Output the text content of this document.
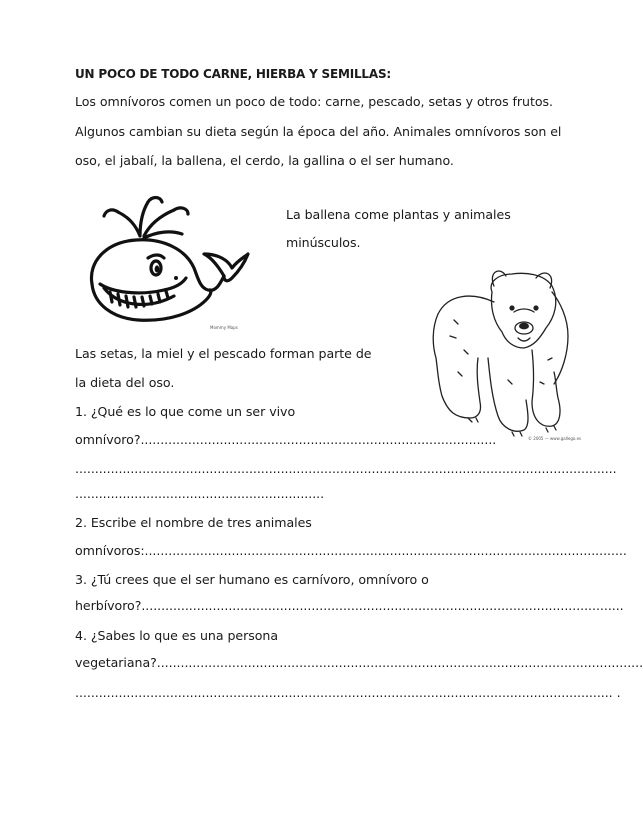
UN POCO DE TODO CARNE, HIERBA Y SEMILLAS:
Los omnívoros comen un poco de todo: carne, pescado, setas y otros frutos.
Algunos cambian su dieta según la época del año. Animales omnívoros son el
oso, el jabalí, la ballena, el cerdo, la gallina o el ser humano.
La ballena come plantas y animales
minúsculos.
Mommy Maps
© 2005 — www.gallego.es
Las setas, la miel y el pescado forman parte de
la dieta del oso.
1. ¿Qué es lo que come un ser vivo
omnívoro?..........................................................................................
.........................................................................................................................................
...............................................................
2. Escribe el nombre de tres animales
omnívoros:..........................................................................................................................
3. ¿Tú crees que el ser humano es carnívoro, omnívoro o
herbívoro?..........................................................................................................................
4. ¿Sabes lo que es una persona
vegetariana?...........................................................................................................................
........................................................................................................................................ .
